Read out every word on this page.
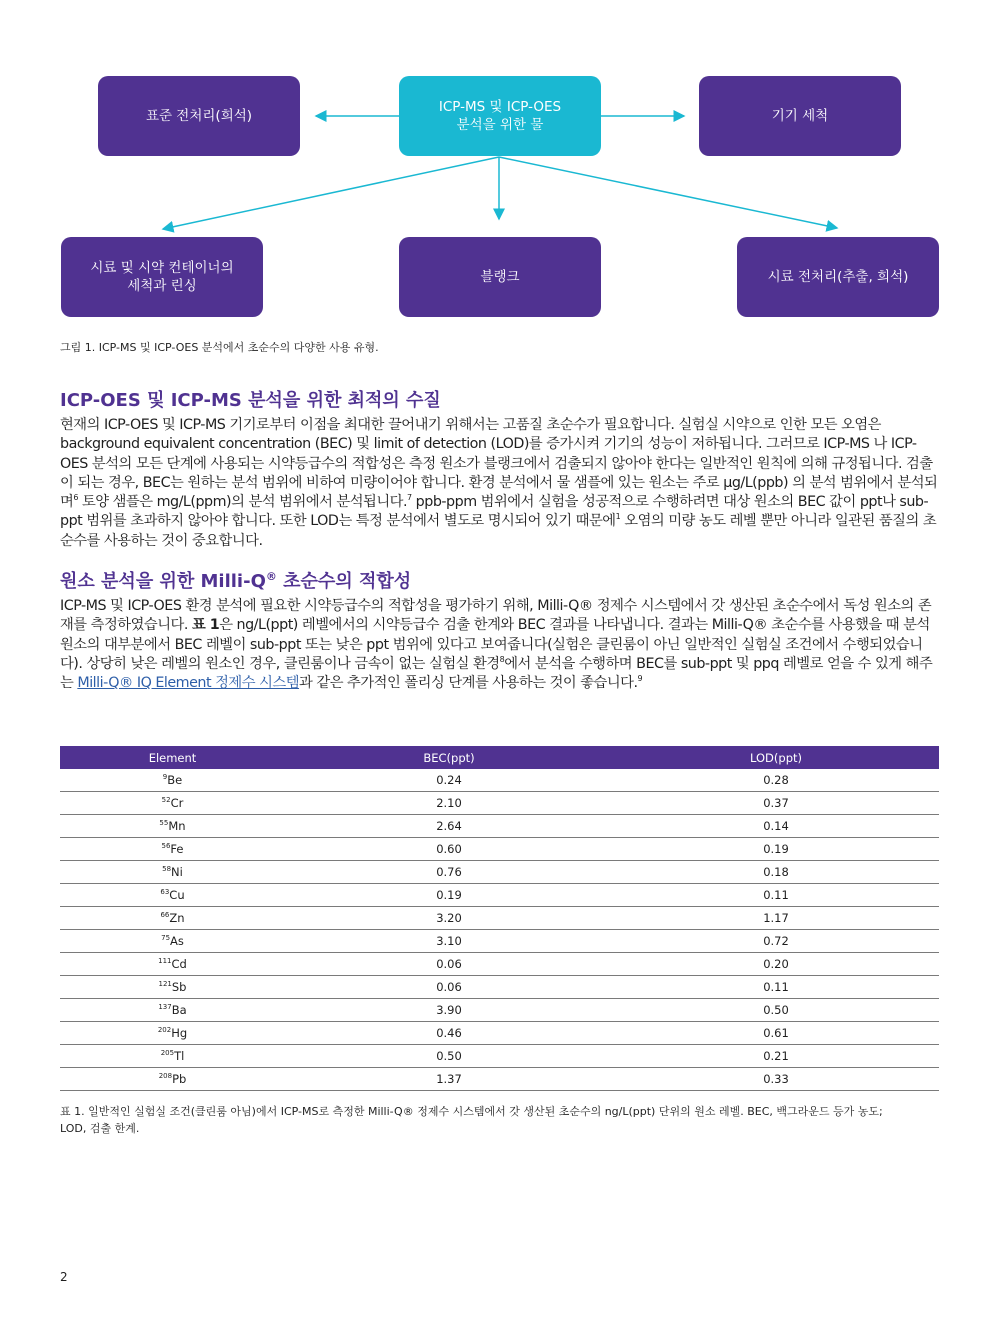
표준 전처리(희석)
ICP-MS 및 ICP-OES
분석을 위한 물
기기 세척
시료 및 시약 컨테이너의
세척과 린싱
블랭크	시료 전처리(추출, 희석)
그림 1. ICP-MS 및 ICP-OES 분석에서 초순수의 다양한 사용 유형.
ICP-OES 및 ICP-MS 분석을 위한 최적의 수질

현재의 ICP-OES 및 ICP-MS 기기로부터 이점을 최대한 끌어내기 위해서는 고품질 초순수가 필요합니다. 실험실 시약으로 인한 모든 오염은 background equivalent concentration (BEC) 및 limit of detection (LOD)를 증가시켜 기기의 성능이 저하됩니다. 그러므로 ICP-MS 나 ICP-OES 분석의 모든 단계에 사용되는 시약등급수의 적합성은 측정 원소가 블랭크에서 검출되지 않아야 한다는 일반적인 원칙에 의해 규정됩니다. 검출이 되는 경우, BEC는 원하는 분석 범위에 비하여 미량이어야 합니다. 환경 분석에서 물 샘플에 있는 원소는 주로 µg/L(ppb) 의 분석 범위에서 분석되며$^6$ 토양 샘플은 mg/L(ppm)의 분석 범위에서 분석됩니다.$^7$ ppb-ppm 범위에서 실험을 성공적으로 수행하려면 대상 원소의 BEC 값이 ppt나 sub-ppt 범위를 초과하지 않아야 합니다. 또한 LOD는 특정 분석에서 별도로 명시되어 있기 때문에$^1$ 오염의 미량 농도 레벨 뿐만 아니라 일관된 품질의 초순수를 사용하는 것이 중요합니다.

원소 분석을 위한 Milli-Q® 초순수의 적합성

ICP-MS 및 ICP-OES 환경 분석에 필요한 시약등급수의 적합성을 평가하기 위해, Milli-Q® 정제수 시스템에서 갓 생산된 초순수에서 독성 원소의 존재를 측정하였습니다. 표 1은 ng/L(ppt) 레벨에서의 시약등급수 검출 한계와 BEC 결과를 나타냅니다. 결과는 Milli-Q® 초순수를 사용했을 때 분석 원소의 대부분에서 BEC 레벨이 sub-ppt 또는 낮은 ppt 범위에 있다고 보여줍니다(실험은 클린룸이 아닌 일반적인 실험실 조건에서 수행되었습니다). 상당히 낮은 레벨의 원소인 경우, 클린룸이나 금속이 없는 실험실 환경$^8$에서 분석을 수행하며 BEC를 sub-ppt 및 ppq 레벨로 얻을 수 있게 해주는 Milli-Q® IQ Element 정제수 시스템과 같은 추가적인 폴리싱 단계를 사용하는 것이 좋습니다.$^9$

Element	BEC(ppt)	LOD(ppt)
$^9$Be	0.24	0.28
$^{52}$Cr	2.10	0.37
$^{55}$Mn	2.64	0.14
$^{56}$Fe	0.60	0.19
$^{58}$Ni	0.76	0.18
$^{63}$Cu	0.19	0.11
$^{66}$Zn	3.20	1.17
$^{75}$As	3.10	0.72
$^{111}$Cd	0.06	0.20
$^{121}$Sb	0.06	0.11
$^{137}$Ba	3.90	0.50
$^{202}$Hg	0.46	0.61
$^{205}$Tl	0.50	0.21
$^{208}$Pb	1.37	0.33
표 1. 일반적인 실험실 조건(클린룸 아님)에서 ICP-MS로 측정한 Milli-Q® 정제수 시스템에서 갓 생산된 초순수의 ng/L(ppt) 단위의 원소 레벨. BEC, 백그라운드 등가 농도;
LOD, 검출 한계.
2
